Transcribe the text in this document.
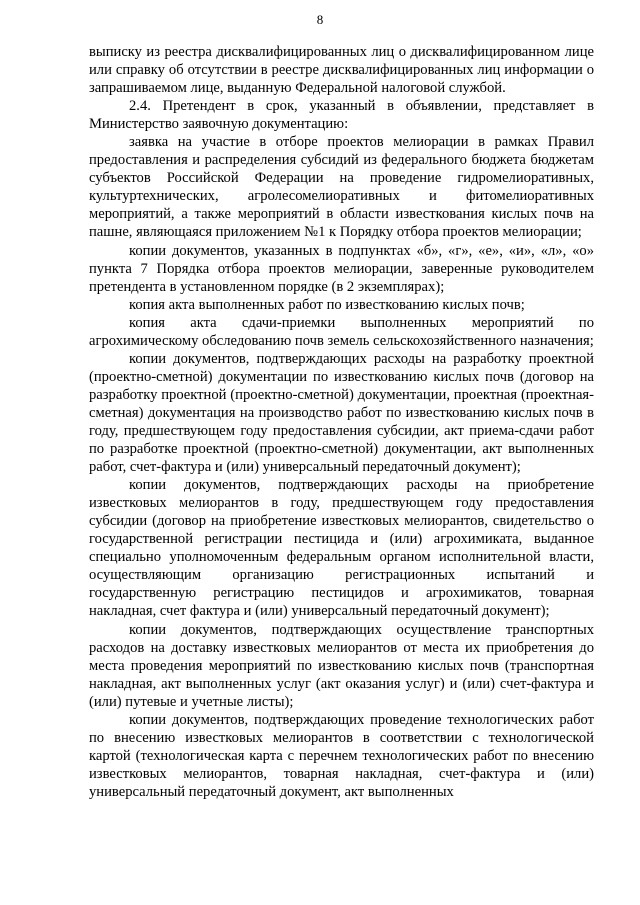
8

выписку из реестра дисквалифицированных лиц о дисквалифицированном лице или справку об отсутствии в реестре дисквалифицированных лиц информации о запрашиваемом лице, выданную Федеральной налоговой службой.

2.4. Претендент в срок, указанный в объявлении, представляет в Министерство заявочную документацию:

заявка на участие в отборе проектов мелиорации в рамках Правил предоставления и распределения субсидий из федерального бюджета бюджетам субъектов Российской Федерации на проведение гидромелиоративных, культуртехнических, агролесомелиоративных и фитомелиоративных мероприятий, а также мероприятий в области известкования кислых почв на пашне, являющаяся приложением №1 к Порядку отбора проектов мелиорации;

копии документов, указанных в подпунктах «б», «г», «е», «и», «л», «о» пункта 7 Порядка отбора проектов мелиорации, заверенные руководителем претендента в установленном порядке (в 2 экземплярах);

копия акта выполненных работ по известкованию кислых почв;

копия акта сдачи-приемки выполненных мероприятий по агрохимическому обследованию почв земель сельскохозяйственного назначения;

копии документов, подтверждающих расходы на разработку проектной (проектно-сметной) документации по известкованию кислых почв (договор на разработку проектной (проектно-сметной) документации, проектная (проектная-сметная) документация на производство работ по известкованию кислых почв в году, предшествующем году предоставления субсидии, акт приема-сдачи работ по разработке проектной (проектно-сметной) документации, акт выполненных работ, счет-фактура и (или) универсальный передаточный документ);

копии документов, подтверждающих расходы на приобретение известковых мелиорантов в году, предшествующем году предоставления субсидии (договор на приобретение известковых мелиорантов, свидетельство о государственной регистрации пестицида и (или) агрохимиката, выданное специально уполномоченным федеральным органом исполнительной власти, осуществляющим организацию регистрационных испытаний и государственную регистрацию пестицидов и агрохимикатов, товарная накладная, счет фактура и (или) универсальный передаточный документ);

копии документов, подтверждающих осуществление транспортных расходов на доставку известковых мелиорантов от места их приобретения до места проведения мероприятий по известкованию кислых почв (транспортная накладная, акт выполненных услуг (акт оказания услуг) и (или) счет-фактура и (или) путевые и учетные листы);

копии документов, подтверждающих проведение технологических работ по внесению известковых мелиорантов в соответствии с технологической картой (технологическая карта с перечнем технологических работ по внесению известковых мелиорантов, товарная накладная, счет-фактура и (или) универсальный передаточный документ, акт выполненных
